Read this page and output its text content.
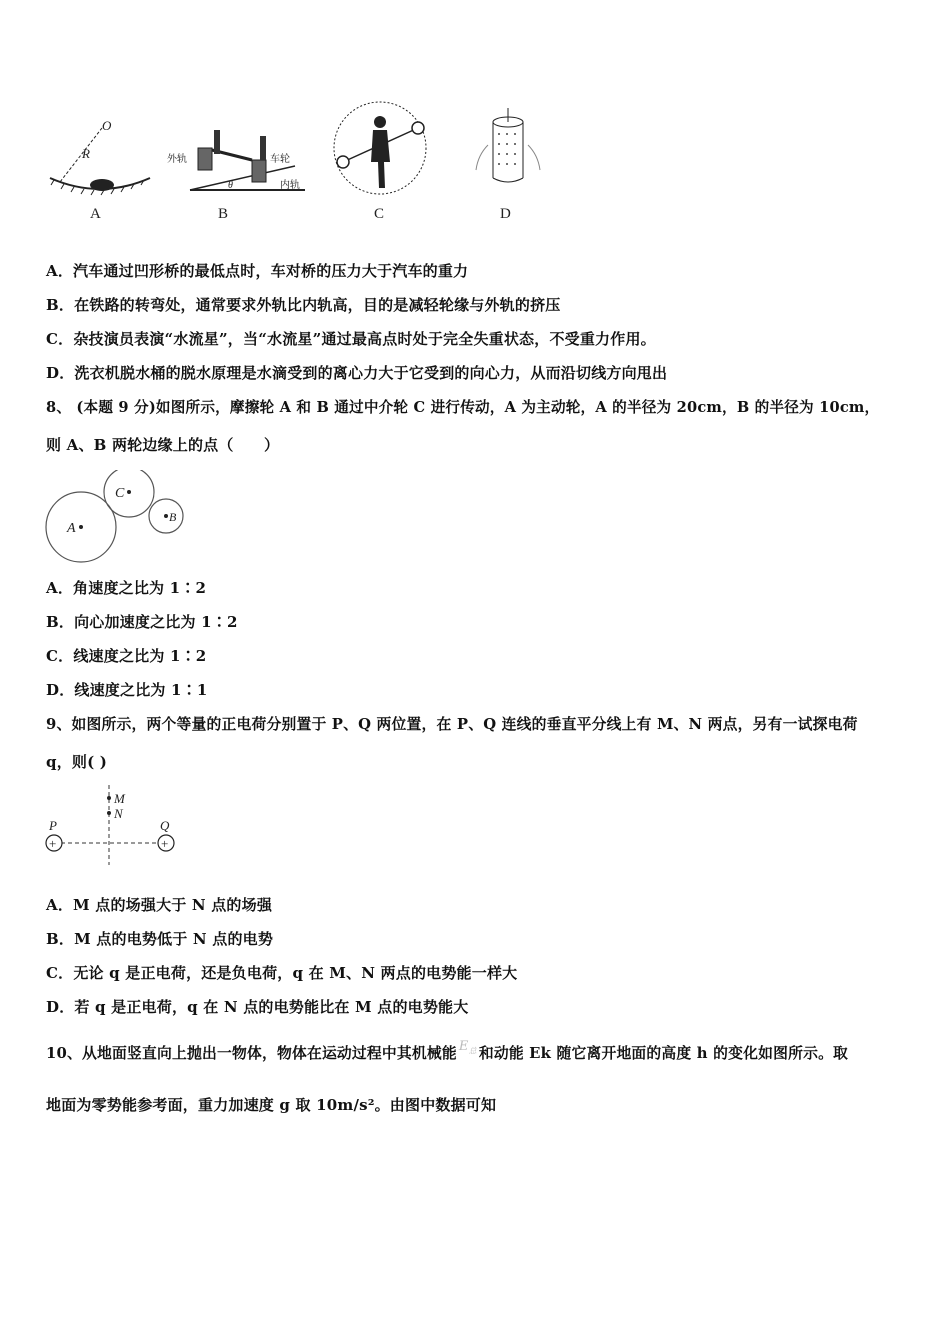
O
R
A
外轨	车轮
内轨
θ
B	C	D
A．汽车通过凹形桥的最低点时，车对桥的压力大于汽车的重力
B．在铁路的转弯处，通常要求外轨比内轨高，目的是减轻轮缘与外轨的挤压
C．杂技演员表演“水流星”，当“水流星”通过最高点时处于完全失重状态，不受重力作用。
D．洗衣机脱水桶的脱水原理是水滴受到的离心力大于它受到的向心力，从而沿切线方向甩出
8、 (本题 9 分)如图所示，摩擦轮 A 和 B 通过中介轮 C 进行传动，A 为主动轮，A 的半径为 20cm，B 的半径为 10cm，
则 A、B 两轮边缘上的点（　　）
A
C
B
A．角速度之比为 1∶2
B．向心加速度之比为 1∶2
C．线速度之比为 1∶2
D．线速度之比为 1∶1
9、如图所示，两个等量的正电荷分别置于 P、Q 两位置，在 P、Q 连线的垂直平分线上有 M、N 两点，另有一试探电荷
q，则( )
+	+
P	Q
M
N
A．M 点的场强大于 N 点的场强
B．M 点的电势低于 N 点的电势
C．无论 q 是正电荷，还是负电荷，q 在 M、N 两点的电势能一样大
D．若 q 是正电荷，q 在 N 点的电势能比在 M 点的电势能大
10、从地面竖直向上抛出一物体，物体在运动过程中其机械能 $E_总$ 和动能 Ek 随它离开地面的高度 h 的变化如图所示。取
地面为零势能参考面，重力加速度 g 取 10m/s²。由图中数据可知
